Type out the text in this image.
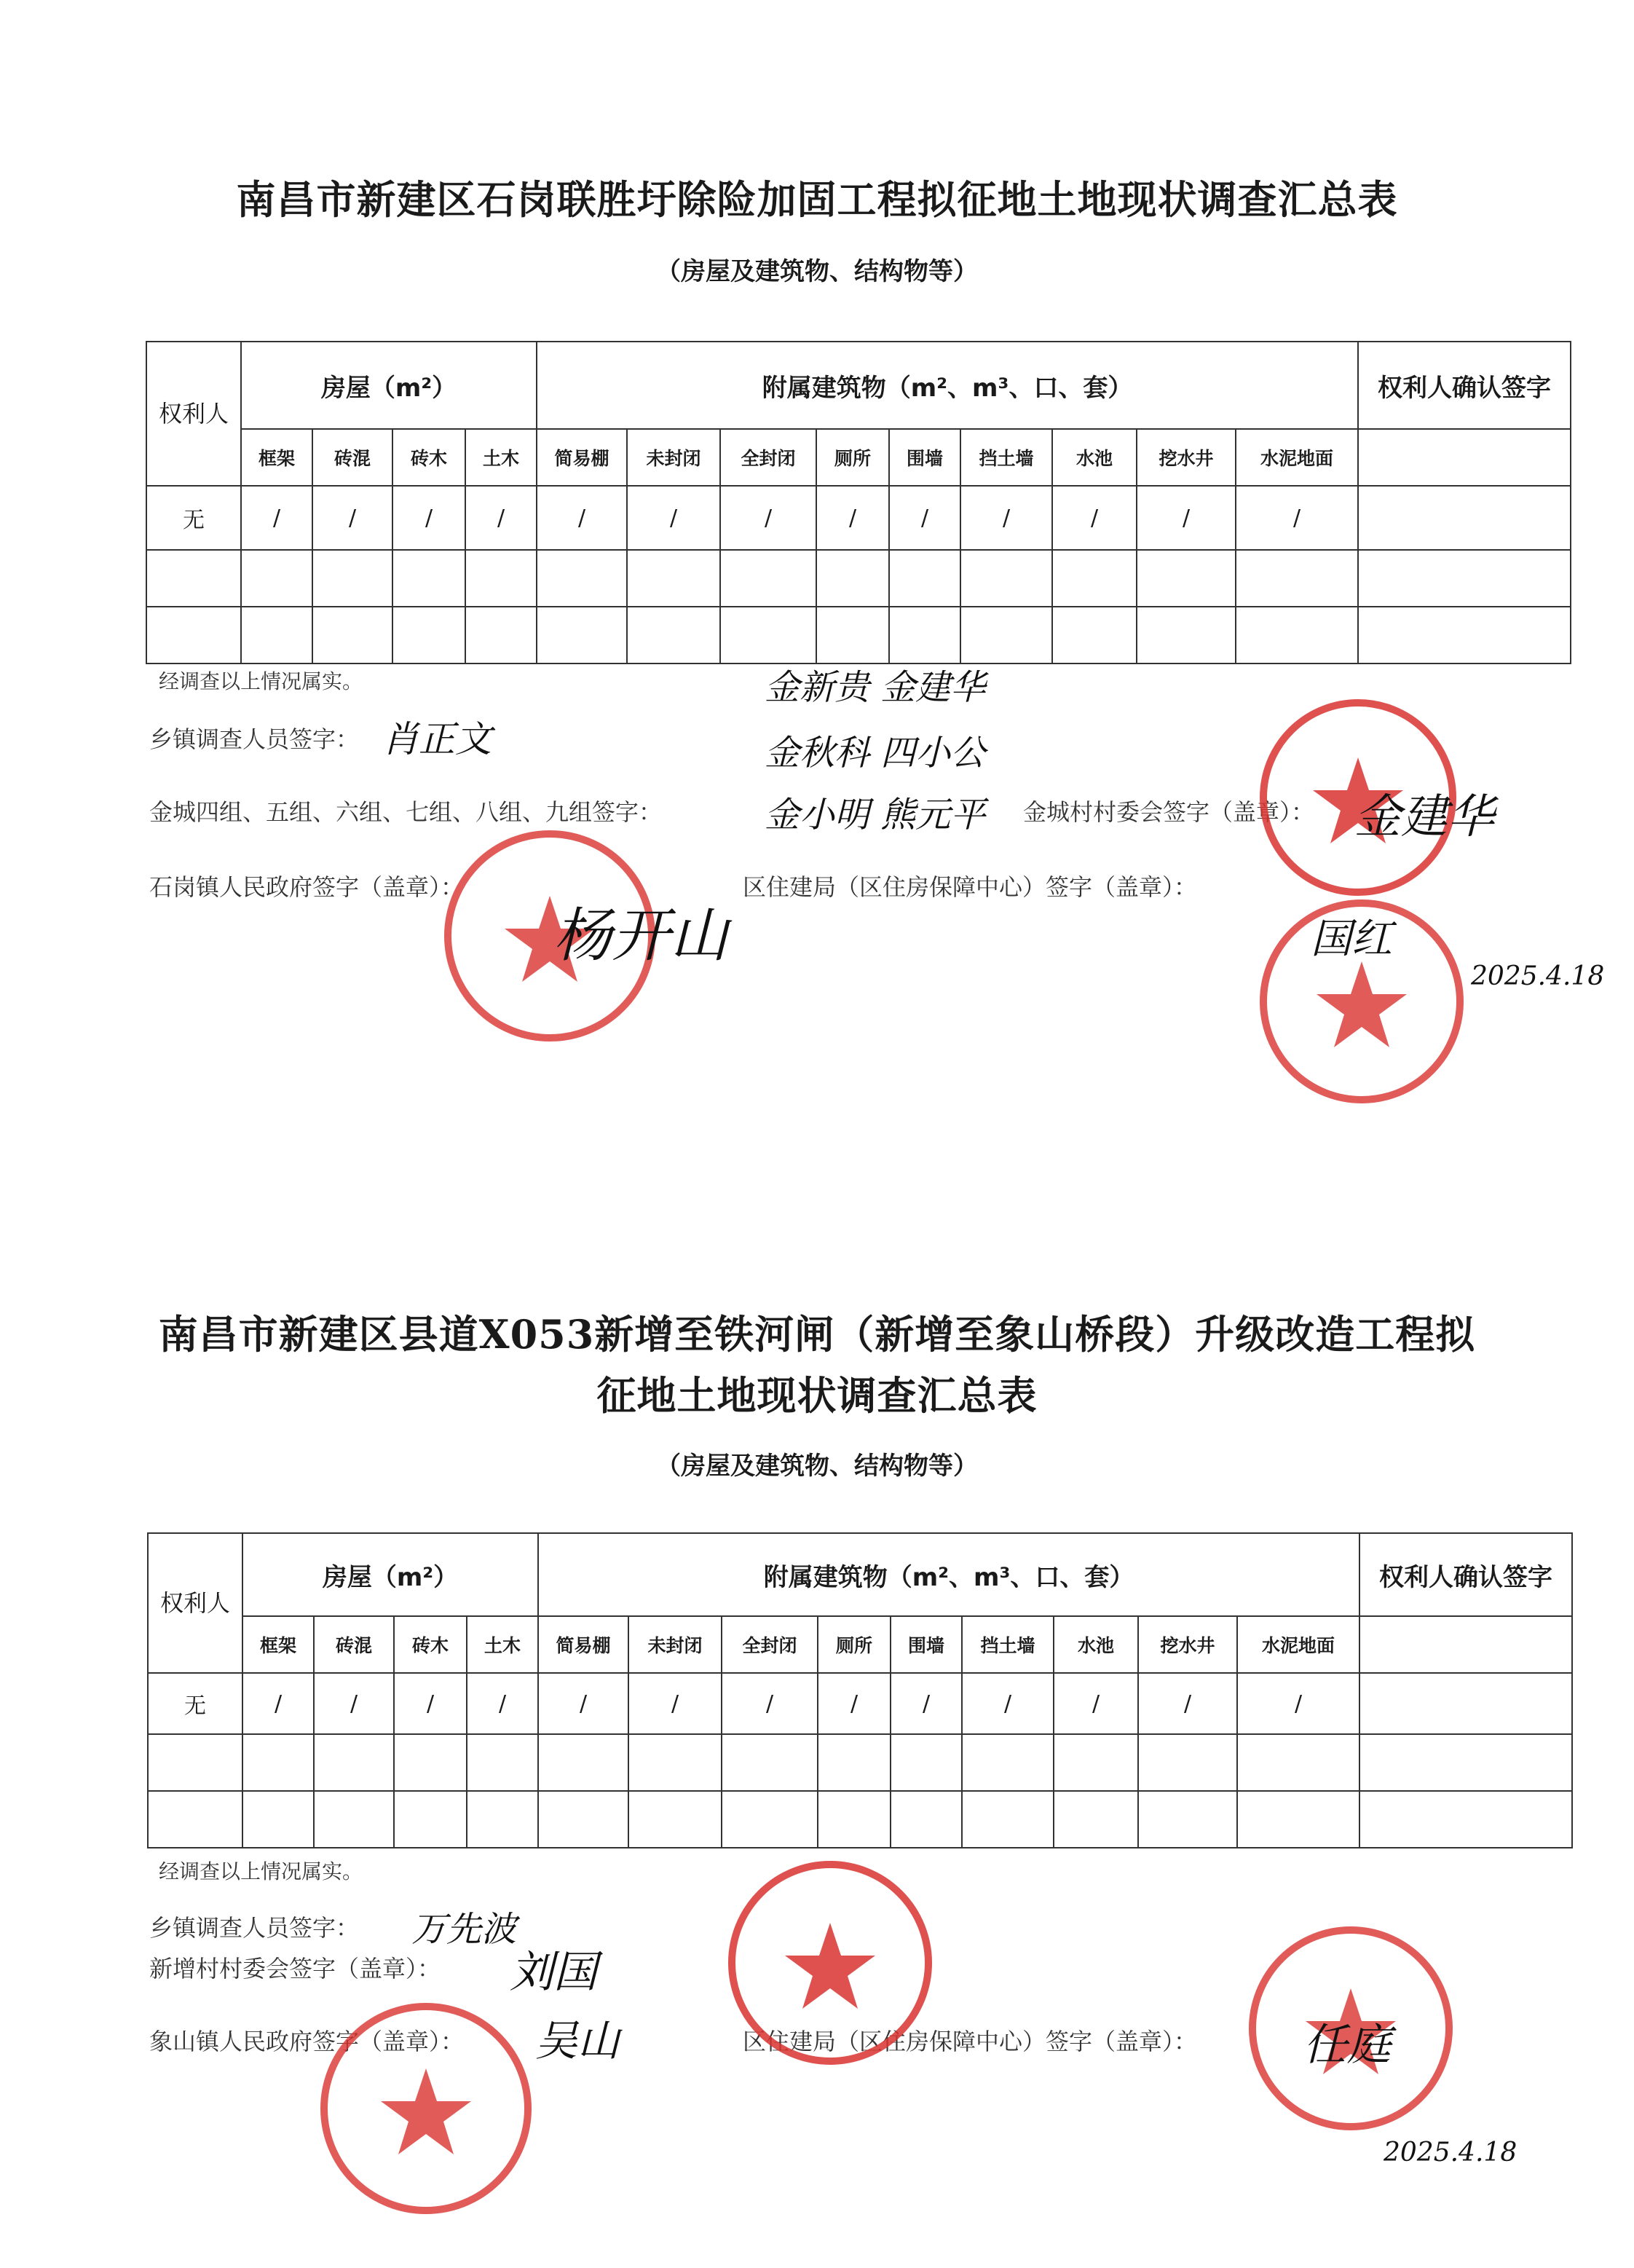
南昌市新建区石岗联胜圩除险加固工程拟征地土地现状调查汇总表
（房屋及建筑物、结构物等）
权利人	房屋（m²）				附属建筑物（m²、m³、口、套）									权利人确认签字
	框架	砖混	砖木	土木	简易棚	未封闭	全封闭	厕所	围墙	挡土墙	水池	挖水井	水泥地面	
无	/	/	/	/	/	/	/	/	/	/	/	/	/	

经调查以上情况属实。
乡镇调查人员签字：
金城四组、五组、六组、七组、八组、九组签字：	金城村村委会签字（盖章）：
石岗镇人民政府签字（盖章）：	区住建局（区住房保障中心）签字（盖章）：
肖正文
金新贵 金建华
金秋科 四小公
金小明 熊元平	金建华
杨开山	国红
2025.4.18
南昌市新建区县道X053新增至铁河闸（新增至象山桥段）升级改造工程拟
征地土地现状调查汇总表
（房屋及建筑物、结构物等）
权利人	房屋（m²）				附属建筑物（m²、m³、口、套）									权利人确认签字
	框架	砖混	砖木	土木	简易棚	未封闭	全封闭	厕所	围墙	挡土墙	水池	挖水井	水泥地面	
无	/	/	/	/	/	/	/	/	/	/	/	/	/	

经调查以上情况属实。
乡镇调查人员签字：
新增村村委会签字（盖章）：
象山镇人民政府签字（盖章）：	区住建局（区住房保障中心）签字（盖章）：
万先波
刘国
吴山	任庭
2025.4.18
